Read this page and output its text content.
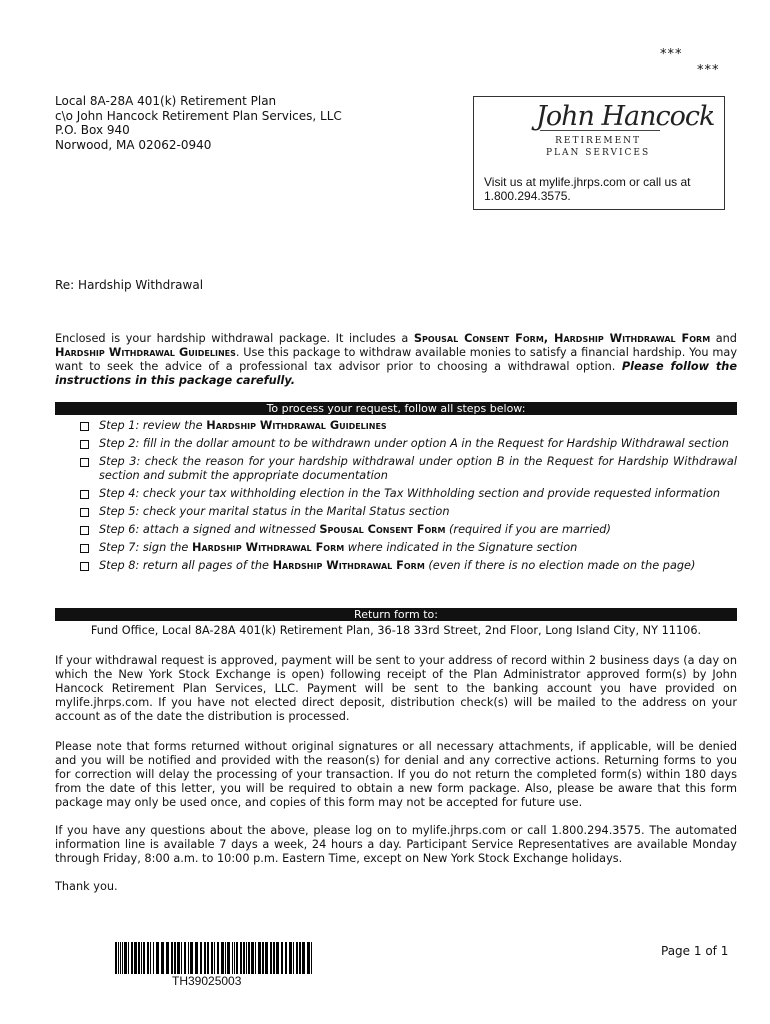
***
***
Local 8A-28A 401(k) Retirement Plan
c\o John Hancock Retirement Plan Services, LLC
P.O. Box 940
Norwood, MA 02062-0940
John Hancock
RETIREMENT
PLAN SERVICES
Visit us at mylife.jhrps.com or call us at
1.800.294.3575.
Re: Hardship Withdrawal
Enclosed is your hardship withdrawal package. It includes a Spousal Consent Form, Hardship Withdrawal Form and Hardship Withdrawal Guidelines. Use this package to withdraw available monies to satisfy a financial hardship. You may want to seek the advice of a professional tax advisor prior to choosing a withdrawal option. Please follow the instructions in this package carefully.
To process your request, follow all steps below:
Step 1: review the Hardship Withdrawal Guidelines
Step 2: fill in the dollar amount to be withdrawn under option A in the Request for Hardship Withdrawal section
Step 3: check the reason for your hardship withdrawal under option B in the Request for Hardship Withdrawal section and submit the appropriate documentation
Step 4: check your tax withholding election in the Tax Withholding section and provide requested information
Step 5: check your marital status in the Marital Status section
Step 6: attach a signed and witnessed Spousal Consent Form (required if you are married)
Step 7: sign the Hardship Withdrawal Form where indicated in the Signature section
Step 8: return all pages of the Hardship Withdrawal Form (even if there is no election made on the page)
Return form to:
Fund Office, Local 8A-28A 401(k) Retirement Plan, 36-18 33rd Street, 2nd Floor, Long Island City, NY 11106.
If your withdrawal request is approved, payment will be sent to your address of record within 2 business days (a day on which the New York Stock Exchange is open) following receipt of the Plan Administrator approved form(s) by John Hancock Retirement Plan Services, LLC. Payment will be sent to the banking account you have provided on mylife.jhrps.com. If you have not elected direct deposit, distribution check(s) will be mailed to the address on your account as of the date the distribution is processed.
Please note that forms returned without original signatures or all necessary attachments, if applicable, will be denied and you will be notified and provided with the reason(s) for denial and any corrective actions. Returning forms to you for correction will delay the processing of your transaction. If you do not return the completed form(s) within 180 days from the date of this letter, you will be required to obtain a new form package. Also, please be aware that this form package may only be used once, and copies of this form may not be accepted for future use.
If you have any questions about the above, please log on to mylife.jhrps.com or call 1.800.294.3575. The automated information line is available 7 days a week, 24 hours a day. Participant Service Representatives are available Monday through Friday, 8:00 a.m. to 10:00 p.m. Eastern Time, except on New York Stock Exchange holidays.
Thank you.
TH39025003
Page 1 of 1
